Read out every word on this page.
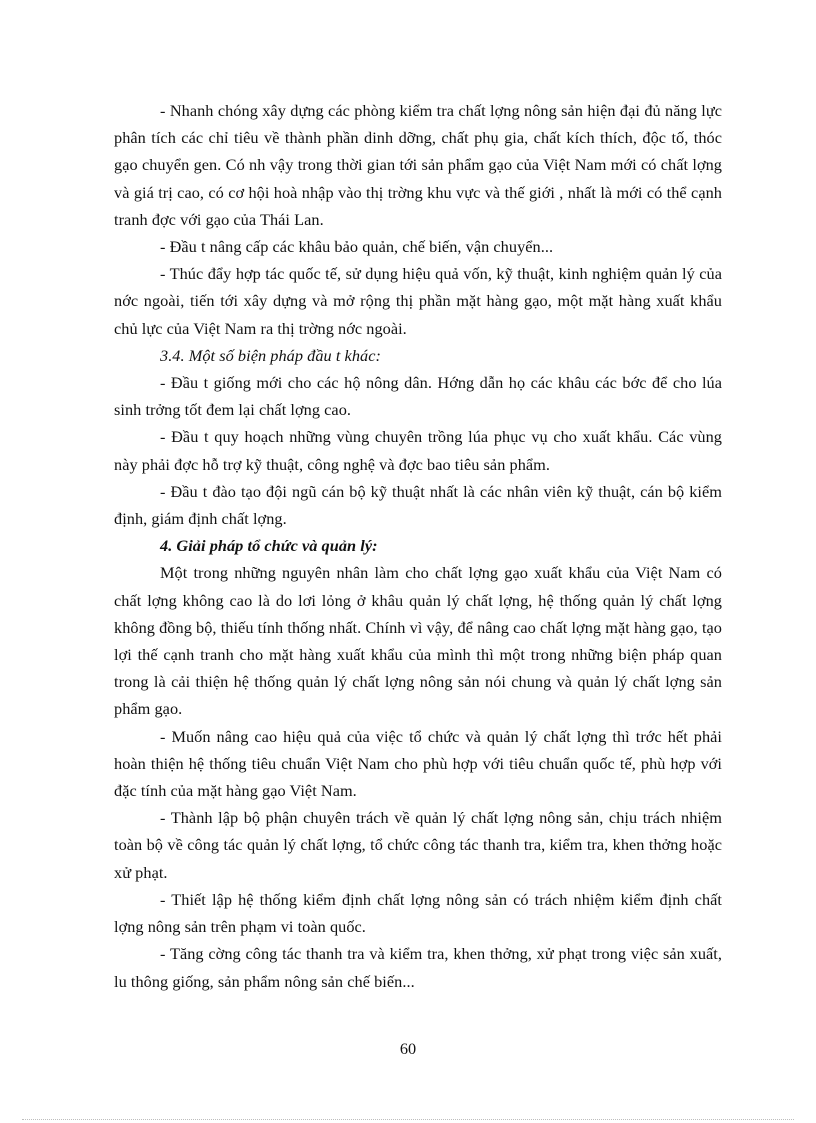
- Nhanh chóng xây dựng các phòng kiểm tra chất lợng nông sản hiện đại đủ năng lực phân tích các chỉ tiêu về thành phần dinh dỡng, chất phụ gia, chất kích thích, độc tố, thóc gạo chuyển gen. Có nh vậy trong thời gian tới sản phẩm gạo của Việt Nam mới có chất lợng và giá trị cao, có cơ hội hoà nhập vào thị trờng khu vực và thế giới , nhất là mới có thể cạnh tranh đợc với gạo của Thái Lan.

- Đầu t nâng cấp các khâu bảo quản, chế biến, vận chuyển...

- Thúc đẩy hợp tác quốc tế, sử dụng hiệu quả vốn, kỹ thuật, kinh nghiệm quản lý của nớc ngoài, tiến tới xây dựng và mở rộng thị phần mặt hàng gạo, một mặt hàng xuất khẩu chủ lực của Việt Nam ra thị trờng nớc ngoài.

3.4. Một số biện pháp đầu t khác:

- Đầu t giống mới cho các hộ nông dân. Hớng dẫn họ các khâu các bớc để cho lúa sinh trởng tốt đem lại chất lợng cao.

- Đầu t quy hoạch những vùng chuyên trồng lúa phục vụ cho xuất khẩu. Các vùng này phải đợc hỗ trợ kỹ thuật, công nghệ và đợc bao tiêu sản phẩm.

- Đầu t đào tạo đội ngũ cán bộ kỹ thuật nhất là các nhân viên kỹ thuật, cán bộ kiểm định, giám định chất lợng.

4. Giải pháp tổ chức và quản lý:

Một trong những nguyên nhân làm cho chất lợng gạo xuất khẩu của Việt Nam có chất lợng không cao là do lơi lỏng ở khâu quản lý chất lợng, hệ thống quản lý chất lợng không đồng bộ, thiếu tính thống nhất. Chính vì vậy, để nâng cao chất lợng mặt hàng gạo, tạo lợi thế cạnh tranh cho mặt hàng xuất khẩu của mình thì một trong những biện pháp quan trong là cải thiện hệ thống quản lý chất lợng nông sản nói chung và quản lý chất lợng sản phẩm gạo.

- Muốn nâng cao hiệu quả của việc tổ chức và quản lý chất lợng thì trớc hết phải hoàn thiện hệ thống tiêu chuẩn Việt Nam cho phù hợp với tiêu chuẩn quốc tế, phù hợp với đặc tính của mặt hàng gạo Việt Nam.

- Thành lập bộ phận chuyên trách về quản lý chất lợng nông sản, chịu trách nhiệm toàn bộ về công tác quản lý chất lợng, tổ chức công tác thanh tra, kiểm tra, khen thởng hoặc xử phạt.

- Thiết lập hệ thống kiểm định chất lợng nông sản có trách nhiệm kiểm định chất lợng nông sản trên phạm vi toàn quốc.

- Tăng cờng công tác thanh tra và kiểm tra, khen thởng, xử phạt trong việc sản xuất, lu thông giống, sản phẩm nông sản chế biến...

60
